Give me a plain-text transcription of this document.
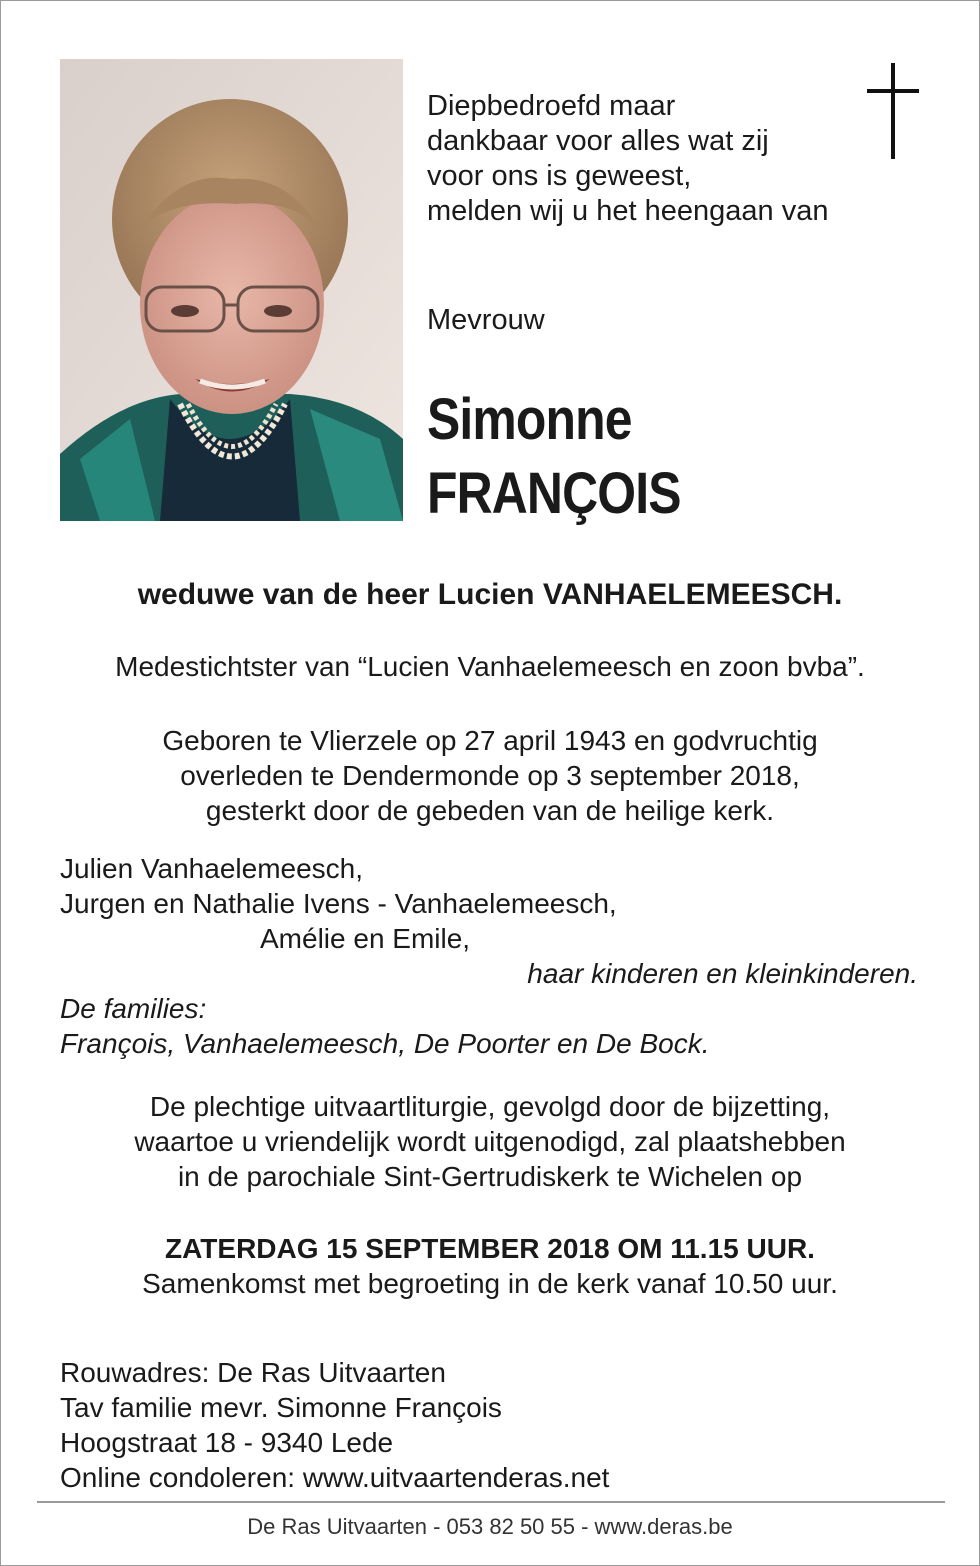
Diepbedroefd maar
dankbaar voor alles wat zij
voor ons is geweest,
melden wij u het heengaan van
Mevrouw
Simonne
FRANÇOIS
weduwe van de heer Lucien VANHAELEMEESCH.
Medestichtster van “Lucien Vanhaelemeesch en zoon bvba”.
Geboren te Vlierzele op 27 april 1943 en godvruchtig
overleden te Dendermonde op 3 september 2018,
gesterkt door de gebeden van de heilige kerk.
Julien Vanhaelemeesch,
Jurgen en Nathalie Ivens - Vanhaelemeesch,
Amélie en Emile,
haar kinderen en kleinkinderen.
De families:
François, Vanhaelemeesch, De Poorter en De Bock.
De plechtige uitvaartliturgie, gevolgd door de bijzetting,
waartoe u vriendelijk wordt uitgenodigd, zal plaatshebben
in de parochiale Sint-Gertrudiskerk te Wichelen op
ZATERDAG 15 SEPTEMBER 2018 OM 11.15 UUR.
Samenkomst met begroeting in de kerk vanaf 10.50 uur.
Rouwadres: De Ras Uitvaarten
Tav familie mevr. Simonne François
Hoogstraat 18 - 9340 Lede
Online condoleren: www.uitvaartenderas.net
De Ras Uitvaarten - 053 82 50 55 - www.deras.be
